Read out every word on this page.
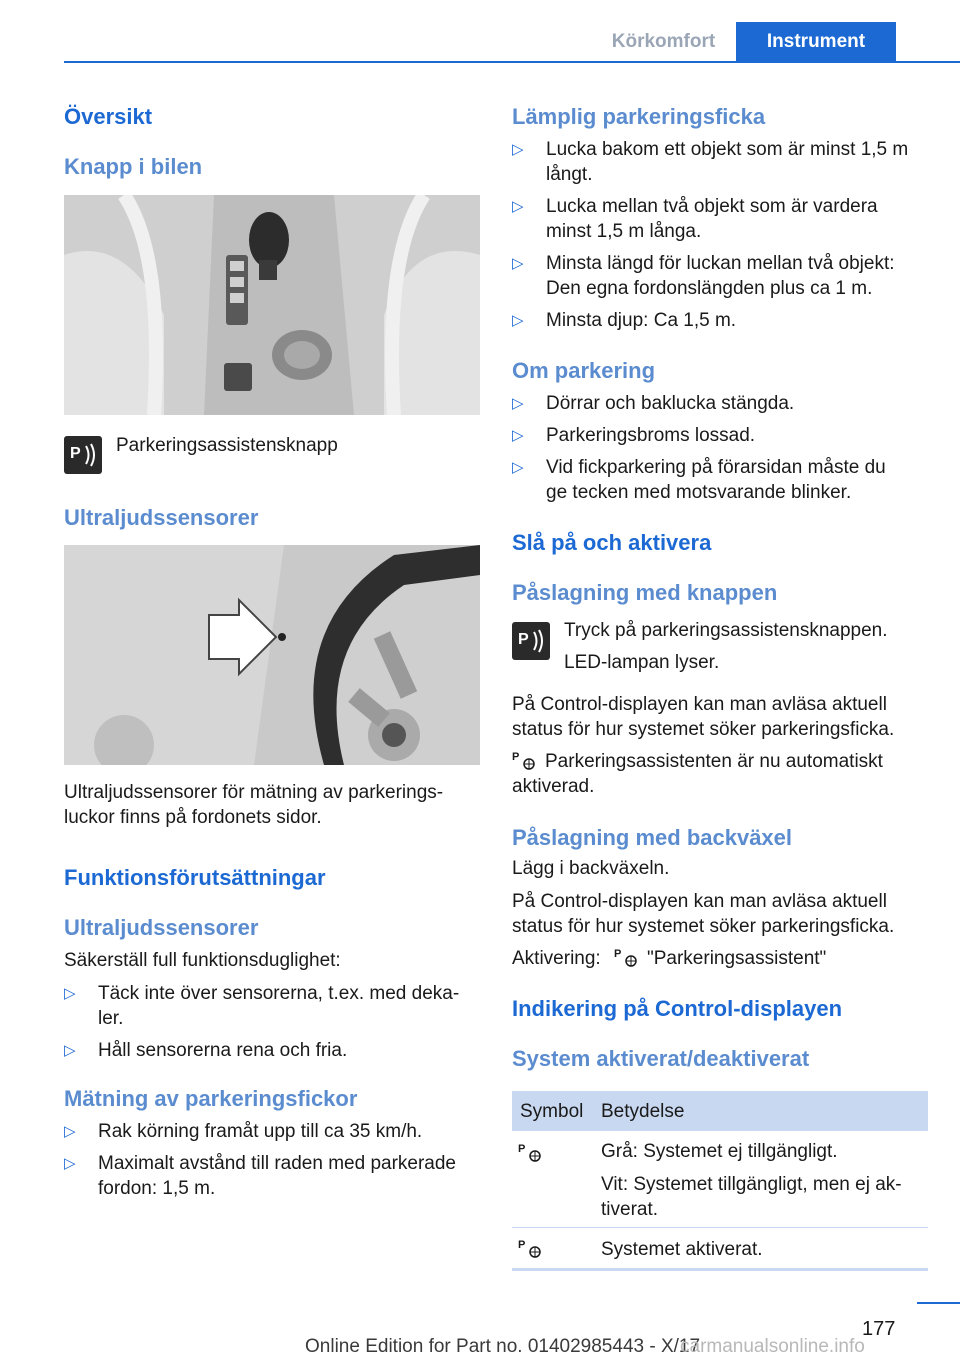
Körkomfort	Instrument
Översikt
Knapp i bilen
P Parkeringsassistensknapp
Ultraljudssensorer
Ultraljudssensorer för mätning av parkerings‐
luckor finns på fordonets sidor.
Funktionsförutsättningar
Ultraljudssensorer
Säkerställ full funktionsduglighet:
▷ Täck inte över sensorerna, t.ex. med deka‐
ler.
▷ Håll sensorerna rena och fria.
Mätning av parkeringsfickor
▷ Rak körning framåt upp till ca 35 km/h.
▷ Maximalt avstånd till raden med parkerade
fordon: 1,5 m.
Lämplig parkeringsficka
▷ Lucka bakom ett objekt som är minst 1,5 m
långt.
▷ Lucka mellan två objekt som är vardera
minst 1,5 m långa.
▷ Minsta längd för luckan mellan två objekt:
Den egna fordonslängden plus ca 1 m.
▷ Minsta djup: Ca 1,5 m.
Om parkering
▷ Dörrar och baklucka stängda.
▷ Parkeringsbroms lossad.
▷ Vid fickparkering på förarsidan måste du
ge tecken med motsvarande blinker.
Slå på och aktivera
Påslagning med knappen
P Tryck på parkeringsassistensknappen.
LED-lampan lyser.
På Control-displayen kan man avläsa aktuell
status för hur systemet söker parkeringsficka.
P Parkeringsassistenten är nu automatiskt
aktiverad.
Påslagning med backväxel
Lägg i backväxeln.
På Control-displayen kan man avläsa aktuell
status för hur systemet söker parkeringsficka.
Aktivering: P "Parkeringsassistent"
Indikering på Control-displayen
System aktiverat/deaktiverat
Symbol Betydelse
P	Grå: Systemet ej tillgängligt.
Vit: Systemet tillgängligt, men ej ak‐
tiverat.
P	Systemet aktiverat.
177
Online Edition for Part no. 01402985443 - X/17
carmanualsonline.info
